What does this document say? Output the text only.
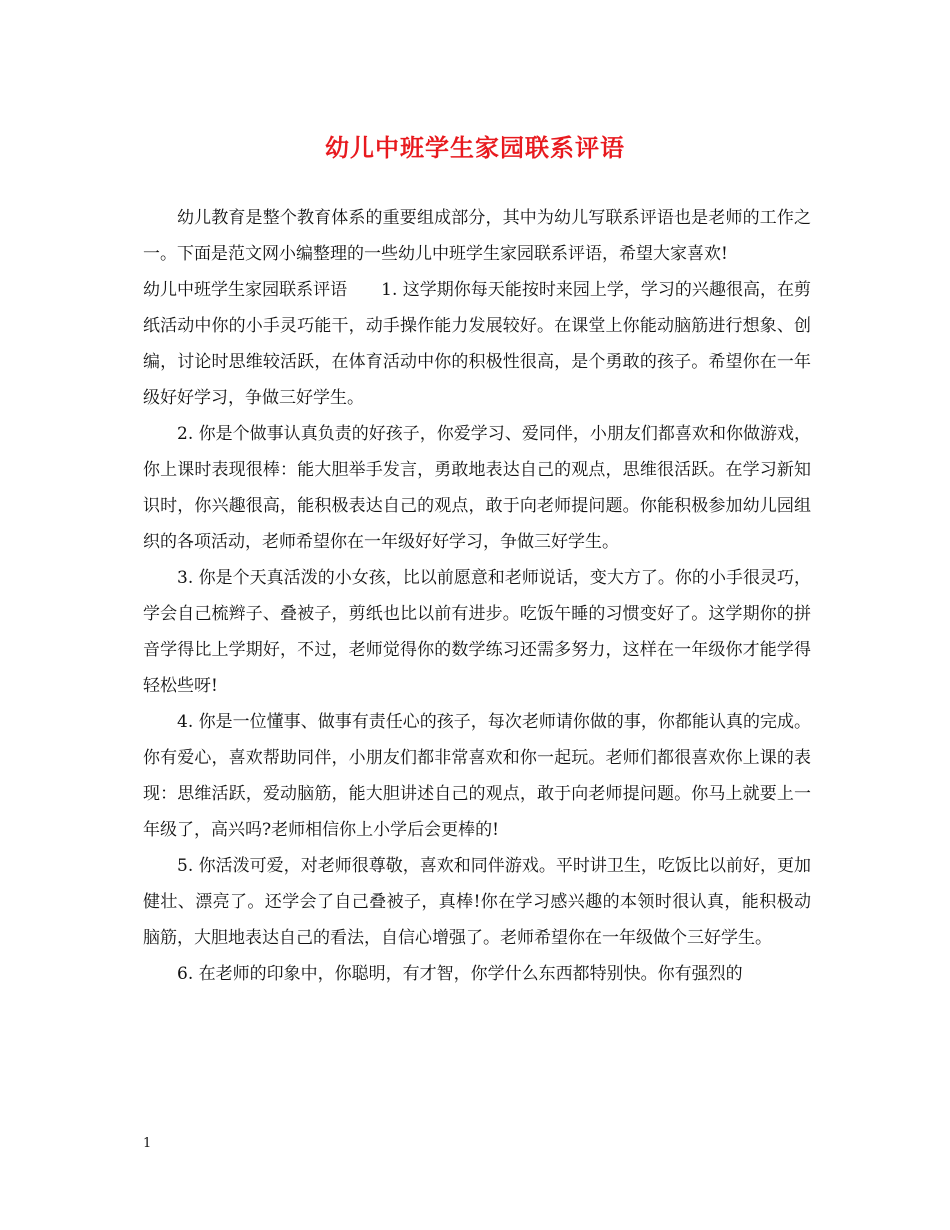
幼儿中班学生家园联系评语

幼儿教育是整个教育体系的重要组成部分，其中为幼儿写联系评语也是老师的工作之一。下面是范文网小编整理的一些幼儿中班学生家园联系评语，希望大家喜欢!

幼儿中班学生家园联系评语 1. 这学期你每天能按时来园上学，学习的兴趣很高，在剪纸活动中你的小手灵巧能干，动手操作能力发展较好。在课堂上你能动脑筋进行想象、创编，讨论时思维较活跃，在体育活动中你的积极性很高，是个勇敢的孩子。希望你在一年级好好学习，争做三好学生。

2. 你是个做事认真负责的好孩子，你爱学习、爱同伴，小朋友们都喜欢和你做游戏，你上课时表现很棒：能大胆举手发言，勇敢地表达自己的观点，思维很活跃。在学习新知识时，你兴趣很高，能积极表达自己的观点，敢于向老师提问题。你能积极参加幼儿园组织的各项活动，老师希望你在一年级好好学习，争做三好学生。

3. 你是个天真活泼的小女孩，比以前愿意和老师说话，变大方了。你的小手很灵巧，学会自己梳辫子、叠被子，剪纸也比以前有进步。吃饭午睡的习惯变好了。这学期你的拼音学得比上学期好，不过，老师觉得你的数学练习还需多努力，这样在一年级你才能学得轻松些呀!

4. 你是一位懂事、做事有责任心的孩子，每次老师请你做的事，你都能认真的完成。你有爱心，喜欢帮助同伴，小朋友们都非常喜欢和你一起玩。老师们都很喜欢你上课的表现：思维活跃，爱动脑筋，能大胆讲述自己的观点，敢于向老师提问题。你马上就要上一年级了，高兴吗?老师相信你上小学后会更棒的!

5. 你活泼可爱，对老师很尊敬，喜欢和同伴游戏。平时讲卫生，吃饭比以前好，更加健壮、漂亮了。还学会了自己叠被子，真棒!你在学习感兴趣的本领时很认真，能积极动脑筋，大胆地表达自己的看法，自信心增强了。老师希望你在一年级做个三好学生。

6. 在老师的印象中，你聪明，有才智，你学什么东西都特别快。你有强烈的

1
